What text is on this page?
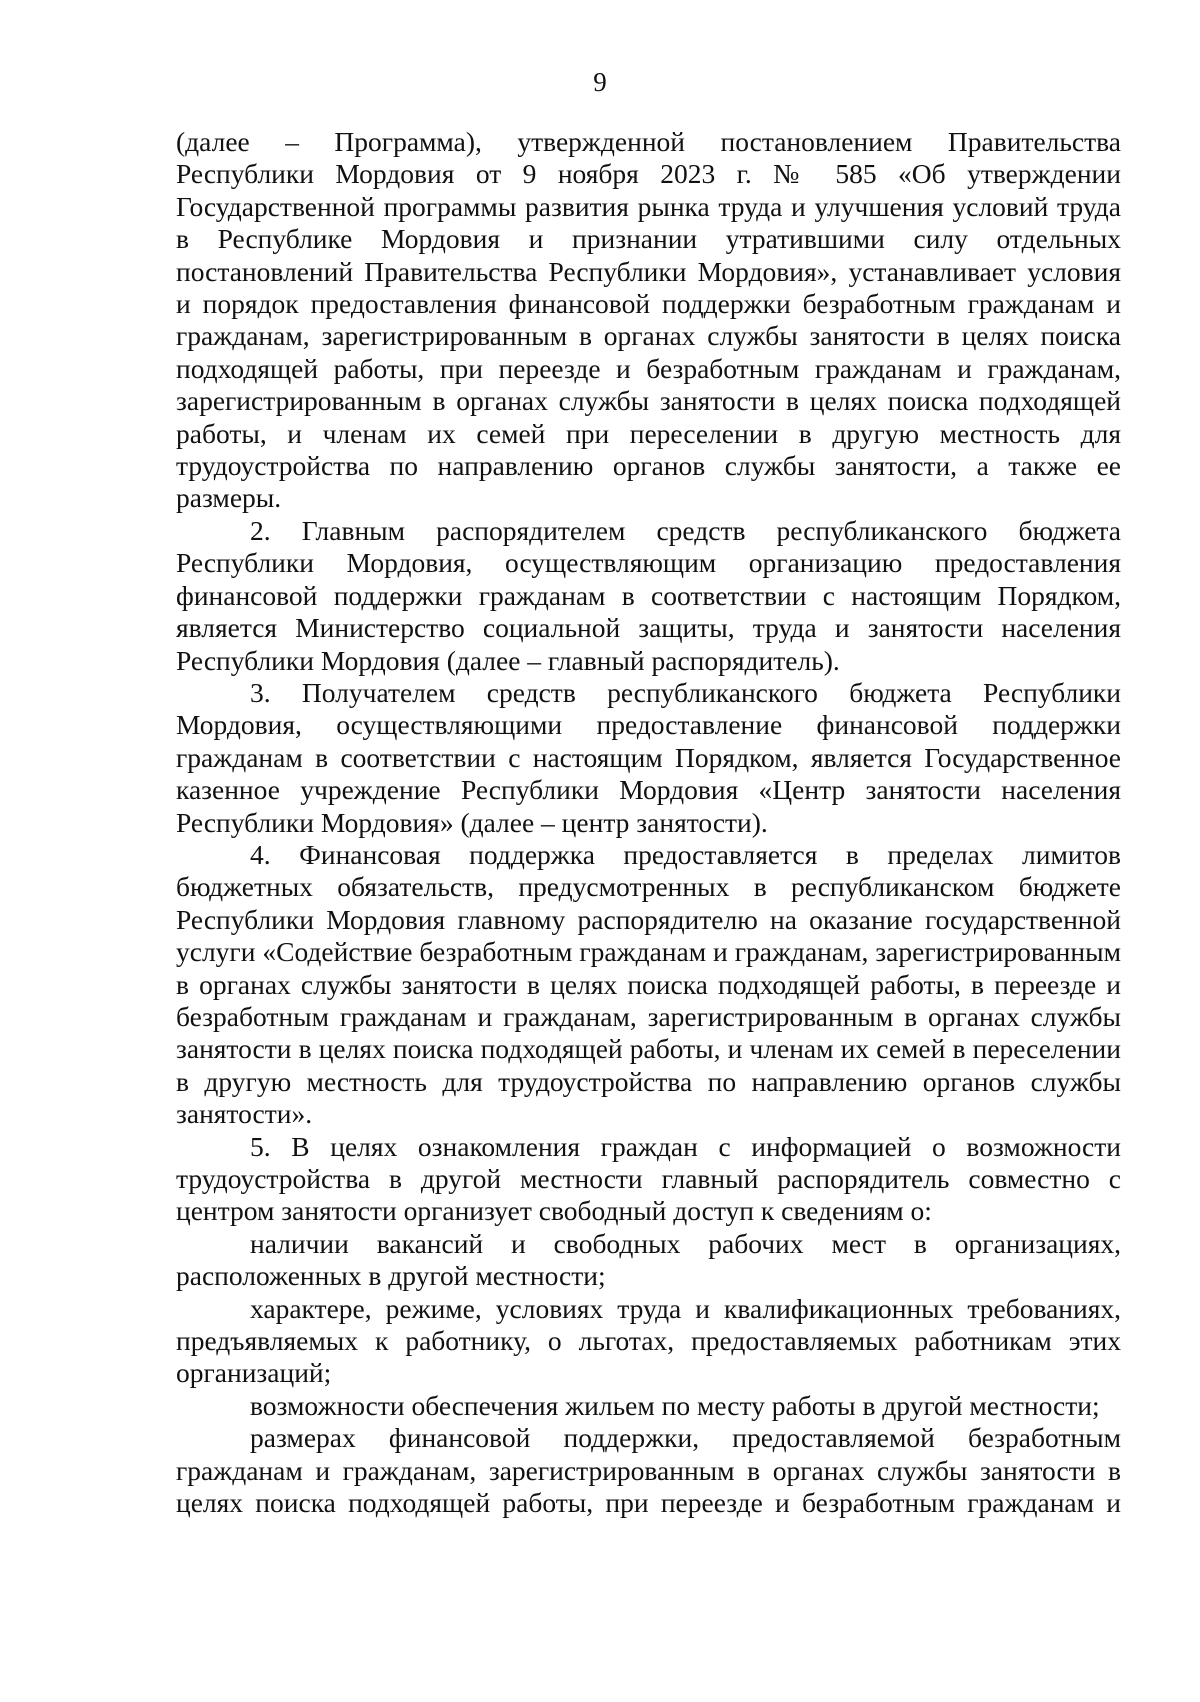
9

(далее – Программа), утвержденной постановлением Правительства Республики Мордовия от 9 ноября 2023 г. № 585 «Об утверждении Государственной программы развития рынка труда и улучшения условий труда в Республике Мордовия и признании утратившими силу отдельных постановлений Правительства Республики Мордовия», устанавливает условия и порядок предоставления финансовой поддержки безработным гражданам и гражданам, зарегистрированным в органах службы занятости в целях поиска подходящей работы, при переезде и безработным гражданам и гражданам, зарегистрированным в органах службы занятости в целях поиска подходящей работы, и членам их семей при переселении в другую местность для трудоустройства по направлению органов службы занятости, а также ее размеры.

2. Главным распорядителем средств республиканского бюджета Республики Мордовия, осуществляющим организацию предоставления финансовой поддержки гражданам в соответствии с настоящим Порядком, является Министерство социальной защиты, труда и занятости населения Республики Мордовия (далее – главный распорядитель).

3. Получателем средств республиканского бюджета Республики Мордовия, осуществляющими предоставление финансовой поддержки гражданам в соответствии с настоящим Порядком, является Государственное казенное учреждение Республики Мордовия «Центр занятости населения Республики Мордовия» (далее – центр занятости).

4. Финансовая поддержка предоставляется в пределах лимитов бюджетных обязательств, предусмотренных в республиканском бюджете Республики Мордовия главному распорядителю на оказание государственной услуги «Содействие безработным гражданам и гражданам, зарегистрированным в органах службы занятости в целях поиска подходящей работы, в переезде и безработным гражданам и гражданам, зарегистрированным в органах службы занятости в целях поиска подходящей работы, и членам их семей в переселении в другую местность для трудоустройства по направлению органов службы занятости».

5. В целях ознакомления граждан с информацией о возможности трудоустройства в другой местности главный распорядитель совместно с центром занятости организует свободный доступ к сведениям о:

наличии вакансий и свободных рабочих мест в организациях, расположенных в другой местности;

характере, режиме, условиях труда и квалификационных требованиях, предъявляемых к работнику, о льготах, предоставляемых работникам этих организаций;

возможности обеспечения жильем по месту работы в другой местности;

размерах финансовой поддержки, предоставляемой безработным гражданам и гражданам, зарегистрированным в органах службы занятости в целях поиска подходящей работы, при переезде и безработным гражданам и
